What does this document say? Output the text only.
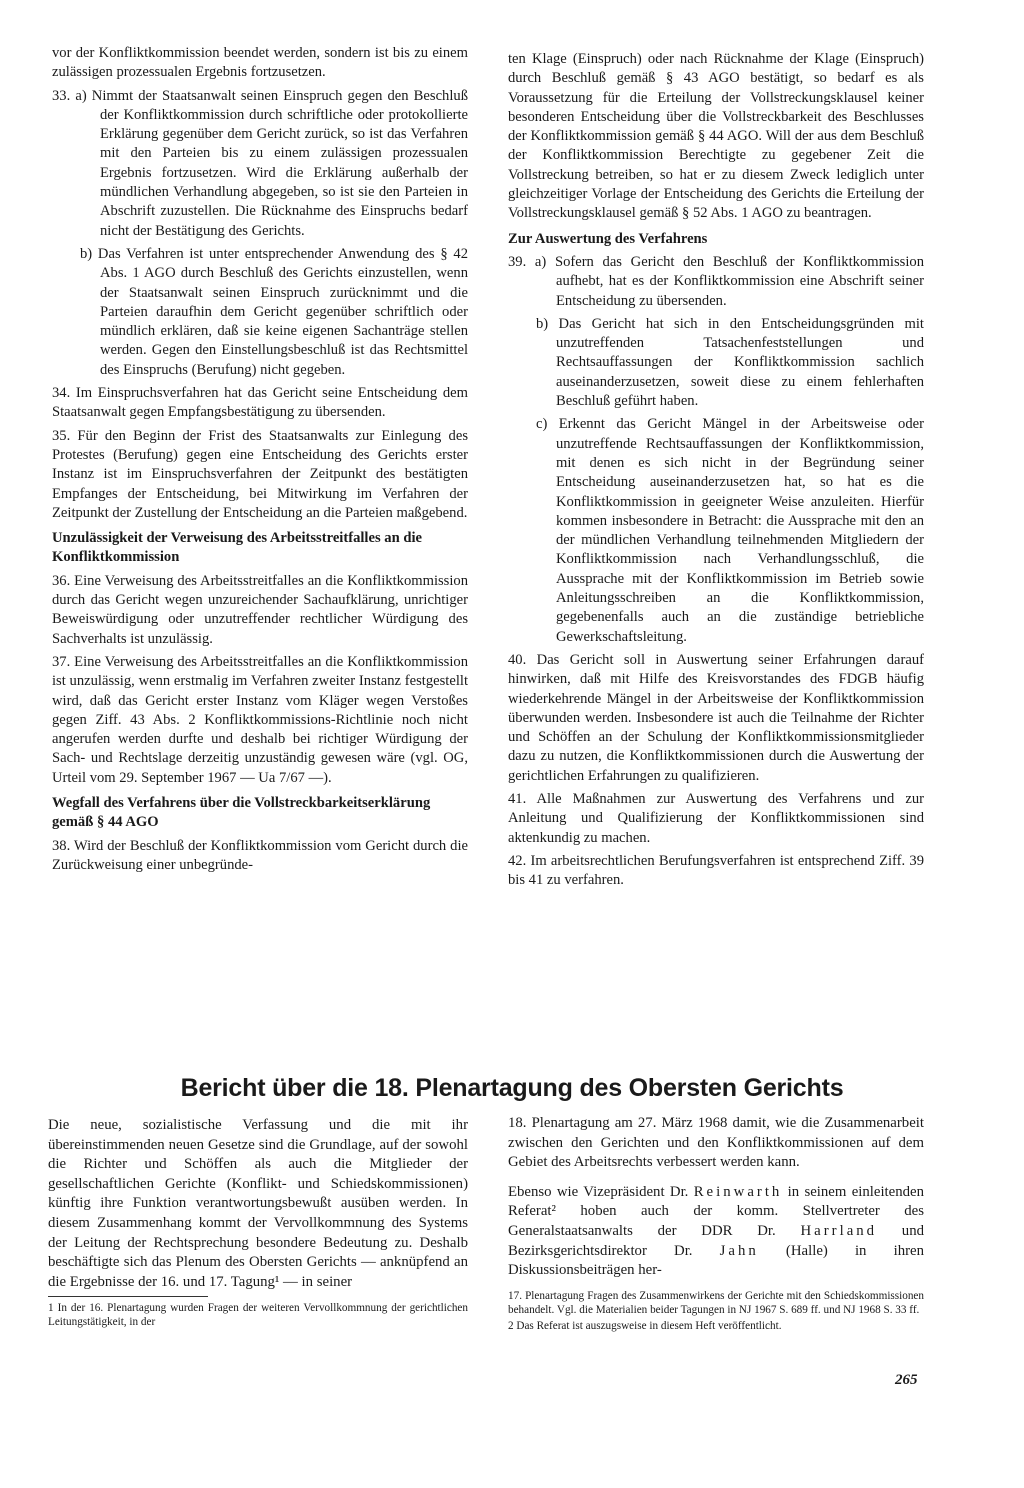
vor der Konfliktkommission beendet werden, sondern ist bis zu einem zulässigen prozessualen Ergebnis fortzusetzen.

33. a) Nimmt der Staatsanwalt seinen Einspruch gegen den Beschluß der Konfliktkommission durch schriftliche oder protokollierte Erklärung gegenüber dem Gericht zurück, so ist das Verfahren mit den Parteien bis zu einem zulässigen prozessualen Ergebnis fortzusetzen. Wird die Erklärung außerhalb der mündlichen Verhandlung abgegeben, so ist sie den Parteien in Abschrift zuzustellen. Die Rücknahme des Einspruchs bedarf nicht der Bestätigung des Gerichts.

b) Das Verfahren ist unter entsprechender Anwendung des § 42 Abs. 1 AGO durch Beschluß des Gerichts einzustellen, wenn der Staatsanwalt seinen Einspruch zurücknimmt und die Parteien daraufhin dem Gericht gegenüber schriftlich oder mündlich erklären, daß sie keine eigenen Sachanträge stellen werden. Gegen den Einstellungsbeschluß ist das Rechtsmittel des Einspruchs (Berufung) nicht gegeben.

34. Im Einspruchsverfahren hat das Gericht seine Entscheidung dem Staatsanwalt gegen Empfangsbestätigung zu übersenden.

35. Für den Beginn der Frist des Staatsanwalts zur Einlegung des Protestes (Berufung) gegen eine Entscheidung des Gerichts erster Instanz ist im Einspruchsverfahren der Zeitpunkt des bestätigten Empfanges der Entscheidung, bei Mitwirkung im Verfahren der Zeitpunkt der Zustellung der Entscheidung an die Parteien maßgebend.

Unzulässigkeit der Verweisung des Arbeitsstreitfalles an die Konfliktkommission

36. Eine Verweisung des Arbeitsstreitfalles an die Konfliktkommission durch das Gericht wegen unzureichender Sachaufklärung, unrichtiger Beweiswürdigung oder unzutreffender rechtlicher Würdigung des Sachverhalts ist unzulässig.

37. Eine Verweisung des Arbeitsstreitfalles an die Konfliktkommission ist unzulässig, wenn erstmalig im Verfahren zweiter Instanz festgestellt wird, daß das Gericht erster Instanz vom Kläger wegen Verstoßes gegen Ziff. 43 Abs. 2 Konfliktkommissions-Richtlinie noch nicht angerufen werden durfte und deshalb bei richtiger Würdigung der Sach- und Rechtslage derzeitig unzuständig gewesen wäre (vgl. OG, Urteil vom 29. September 1967 — Ua 7/67 —).

Wegfall des Verfahrens über die Vollstreckbarkeitserklärung gemäß § 44 AGO

38. Wird der Beschluß der Konfliktkommission vom Gericht durch die Zurückweisung einer unbegründe-

ten Klage (Einspruch) oder nach Rücknahme der Klage (Einspruch) durch Beschluß gemäß § 43 AGO bestätigt, so bedarf es als Voraussetzung für die Erteilung der Vollstreckungsklausel keiner besonderen Entscheidung über die Vollstreckbarkeit des Beschlusses der Konfliktkommission gemäß § 44 AGO. Will der aus dem Beschluß der Konfliktkommission Berechtigte zu gegebener Zeit die Vollstreckung betreiben, so hat er zu diesem Zweck lediglich unter gleichzeitiger Vorlage der Entscheidung des Gerichts die Erteilung der Vollstreckungsklausel gemäß § 52 Abs. 1 AGO zu beantragen.

Zur Auswertung des Verfahrens

39. a) Sofern das Gericht den Beschluß der Konfliktkommission aufhebt, hat es der Konfliktkommission eine Abschrift seiner Entscheidung zu übersenden.

b) Das Gericht hat sich in den Entscheidungsgründen mit unzutreffenden Tatsachenfeststellungen und Rechtsauffassungen der Konfliktkommission sachlich auseinanderzusetzen, soweit diese zu einem fehlerhaften Beschluß geführt haben.

c) Erkennt das Gericht Mängel in der Arbeitsweise oder unzutreffende Rechtsauffassungen der Konfliktkommission, mit denen es sich nicht in der Begründung seiner Entscheidung auseinanderzusetzen hat, so hat es die Konfliktkommission in geeigneter Weise anzuleiten. Hierfür kommen insbesondere in Betracht: die Aussprache mit den an der mündlichen Verhandlung teilnehmenden Mitgliedern der Konfliktkommission nach Verhandlungsschluß, die Aussprache mit der Konfliktkommission im Betrieb sowie Anleitungsschreiben an die Konfliktkommission, gegebenenfalls auch an die zuständige betriebliche Gewerkschaftsleitung.

40. Das Gericht soll in Auswertung seiner Erfahrungen darauf hinwirken, daß mit Hilfe des Kreisvorstandes des FDGB häufig wiederkehrende Mängel in der Arbeitsweise der Konfliktkommission überwunden werden. Insbesondere ist auch die Teilnahme der Richter und Schöffen an der Schulung der Konfliktkommissionsmitglieder dazu zu nutzen, die Konfliktkommissionen durch die Auswertung der gerichtlichen Erfahrungen zu qualifizieren.

41. Alle Maßnahmen zur Auswertung des Verfahrens und zur Anleitung und Qualifizierung der Konfliktkommissionen sind aktenkundig zu machen.

42. Im arbeitsrechtlichen Berufungsverfahren ist entsprechend Ziff. 39 bis 41 zu verfahren.

Bericht über die 18. Plenartagung des Obersten Gerichts

Die neue, sozialistische Verfassung und die mit ihr übereinstimmenden neuen Gesetze sind die Grundlage, auf der sowohl die Richter und Schöffen als auch die Mitglieder der gesellschaftlichen Gerichte (Konflikt- und Schiedskommissionen) künftig ihre Funktion verantwortungsbewußt ausüben werden. In diesem Zusammenhang kommt der Vervollkommnung des Systems der Leitung der Rechtsprechung besondere Bedeutung zu. Deshalb beschäftigte sich das Plenum des Obersten Gerichts — anknüpfend an die Ergebnisse der 16. und 17. Tagung¹ — in seiner

1 In der 16. Plenartagung wurden Fragen der weiteren Vervollkommnung der gerichtlichen Leitungstätigkeit, in der

18. Plenartagung am 27. März 1968 damit, wie die Zusammenarbeit zwischen den Gerichten und den Konfliktkommissionen auf dem Gebiet des Arbeitsrechts verbessert werden kann.

Ebenso wie Vizepräsident Dr. Reinwarth in seinem einleitenden Referat² hoben auch der komm. Stellvertreter des Generalstaatsanwalts der DDR Dr. Harrland und Bezirksgerichtsdirektor Dr. Jahn (Halle) in ihren Diskussionsbeiträgen her-

17. Plenartagung Fragen des Zusammenwirkens der Gerichte mit den Schiedskommissionen behandelt. Vgl. die Materialien beider Tagungen in NJ 1967 S. 689 ff. und NJ 1968 S. 33 ff.

2 Das Referat ist auszugsweise in diesem Heft veröffentlicht.

265
